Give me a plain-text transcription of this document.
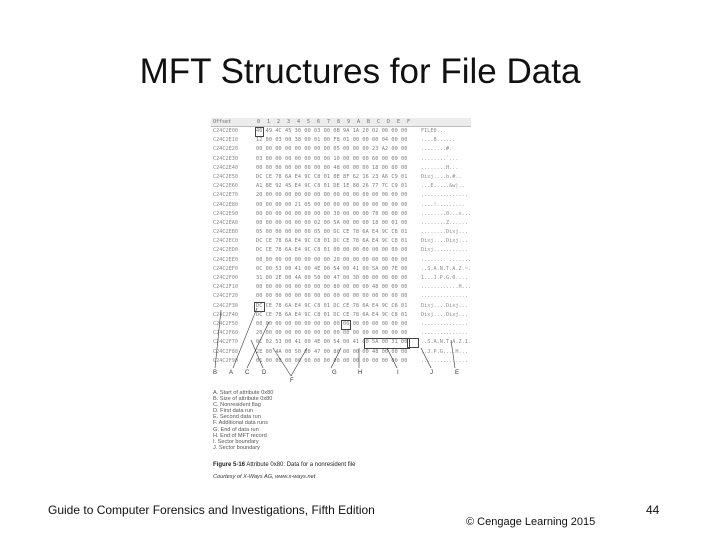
MFT Structures for File Data
Offset	0 1 2 3 4 5 6 7 8 9 A B C D E F
C24C2E00	46 49 4C 45 30 00 03 00 0B 9A 1A 20 02 00 00 00	FILE0...
C24C2E10	12 00 03 00 38 00 01 00 F8 01 00 00 00 04 00 00	....8......
C24C2E20	00 00 00 00 00 00 00 00 05 00 00 00 23 A2 00 00	........#.
C24C2E30	03 00 00 00 00 00 00 00 10 00 00 00 60 00 00 00	........`...
C24C2E40	00 00 00 00 00 00 00 00 48 00 00 00 18 00 00 00	........H...
C24C2E50	DC CE 78 6A E4 9C C8 01 0E 8F 62 16 23 A6 C9 01	Dixj....b.#..
C24C2E60	A1 8E 92 45 E4 9C C8 01 DE 1E 80 26 77 7C C9 01	...E.....&w|..
C24C2E70	20 00 00 00 00 00 00 00 00 00 00 00 00 00 00 00	...............
C24C2E80	00 00 00 00 21 05 00 00 00 00 00 00 00 00 00 00	....!.........
C24C2E90	00 00 00 00 00 00 00 00 30 00 00 00 78 00 00 00	........0...x...
C24C2EA0	00 00 00 00 00 00 02 00 5A 00 00 00 18 00 01 00	........Z......
C24C2EB0	05 00 00 00 00 00 05 00 DC CE 78 6A E4 9C C8 01	........Dixj...
C24C2EC0	DC CE 78 6A E4 9C C8 01 DC CE 78 6A E4 9C C8 01	Dixj....Dixj...
C24C2ED0	DC CE 78 6A E4 9C C8 01 00 00 00 00 00 00 00 00	Dixj...........
C24C2EE0	00 00 00 00 00 00 00 00 20 00 00 00 00 00 00 00	........ .......
C24C2EF0	0C 00 53 00 41 00 4E 00 54 00 41 00 5A 00 7E 00	..S.A.N.T.A.Z.~.
C24C2F00	31 00 2E 00 4A 00 50 00 47 00 30 00 00 00 00 00	1...J.P.G.0....
C24C2F10	00 00 00 00 00 00 00 00 80 00 00 00 48 00 00 00	............H...
C24C2F20	00 00 00 00 00 00 00 00 00 00 00 00 00 00 00 00	...............
C24C2F30	DC CE 78 6A E4 9C C8 01 DC CE 78 6A E4 9C C8 01	Dixj....Dixj...
C24C2F40	DC CE 78 6A E4 9C C8 01 DC CE 78 6A E4 9C C8 01	Dixj....Dixj...
C24C2F50	00 00 00 00 00 00 00 00 00 00 00 00 00 00 00 00	...............
C24C2F60	20 00 00 00 00 00 00 00 00 00 00 00 00 00 00 00	...............
C24C2F70	0C 02 53 00 41 00 4E 00 54 00 41 00 5A 00 31 00	..S.A.N.T.A.Z.1.
C24C2F80	2E 00 4A 00 50 00 47 00 80 00 00 00 48 00 00 00	..J.P.G....H...
C24C2F90	01 00 00 00 00 00 00 00 00 00 00 00 00 00 00 00	...............
B A C D
F
G	H	I	J	E
A. Start of attribute 0x80
B. Size of attribute 0x80
C. Nonresident flag
D. First data run
E. Second data run
F. Additional data runs
G. End of data run
H. End of MFT record
I. Sector boundary
J. Sector boundary
Figure 5-16 Attribute 0x80: Data for a nonresident file
Courtesy of X-Ways AG, www.x-ways.net
Guide to Computer Forensics and Investigations, Fifth Edition
© Cengage Learning 2015
44
